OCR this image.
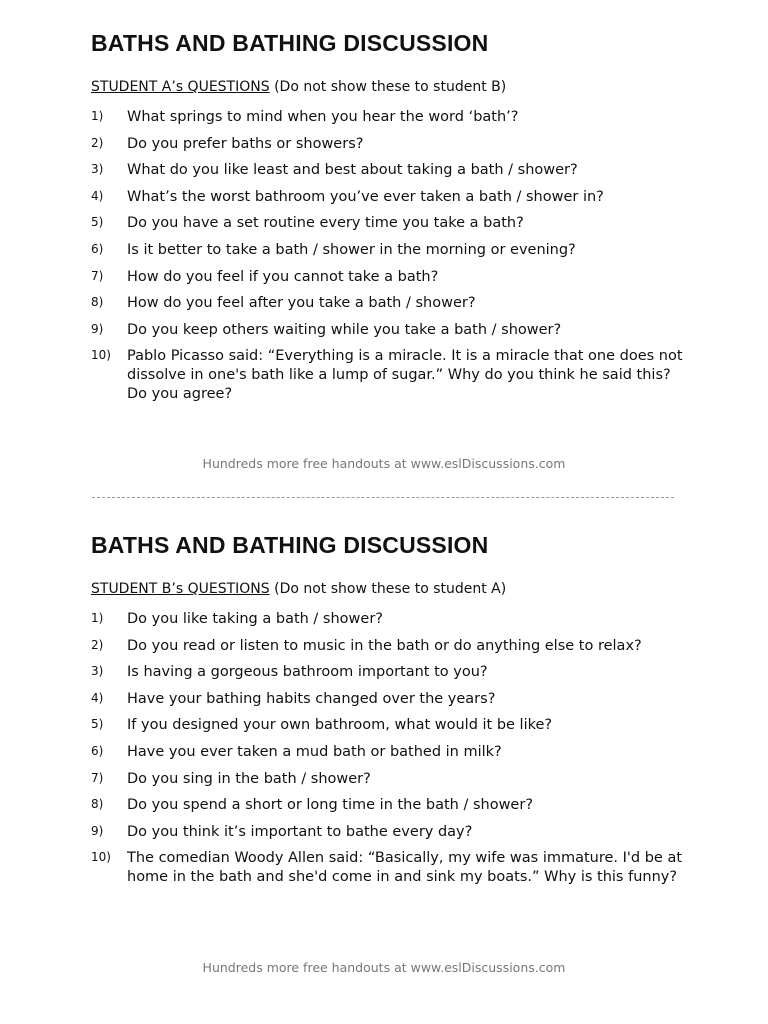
BATHS AND BATHING DISCUSSION
STUDENT A’s QUESTIONS (Do not show these to student B)
1)	What springs to mind when you hear the word ‘bath’?
2)	Do you prefer baths or showers?
3)	What do you like least and best about taking a bath / shower?
4)	What’s the worst bathroom you’ve ever taken a bath / shower in?
5)	Do you have a set routine every time you take a bath?
6)	Is it better to take a bath / shower in the morning or evening?
7)	How do you feel if you cannot take a bath?
8)	How do you feel after you take a bath / shower?
9)	Do you keep others waiting while you take a bath / shower?
10)	Pablo Picasso said: “Everything is a miracle. It is a miracle that one does not dissolve in one's bath like a lump of sugar.” Why do you think he said this? Do you agree?
Hundreds more free handouts at www.eslDiscussions.com
BATHS AND BATHING DISCUSSION
STUDENT B’s QUESTIONS (Do not show these to student A)
1)	Do you like taking a bath / shower?
2)	Do you read or listen to music in the bath or do anything else to relax?
3)	Is having a gorgeous bathroom important to you?
4)	Have your bathing habits changed over the years?
5)	If you designed your own bathroom, what would it be like?
6)	Have you ever taken a mud bath or bathed in milk?
7)	Do you sing in the bath / shower?
8)	Do you spend a short or long time in the bath / shower?
9)	Do you think it’s important to bathe every day?
10)	The comedian Woody Allen said: “Basically, my wife was immature. I'd be at home in the bath and she'd come in and sink my boats.” Why is this funny?
Hundreds more free handouts at www.eslDiscussions.com
